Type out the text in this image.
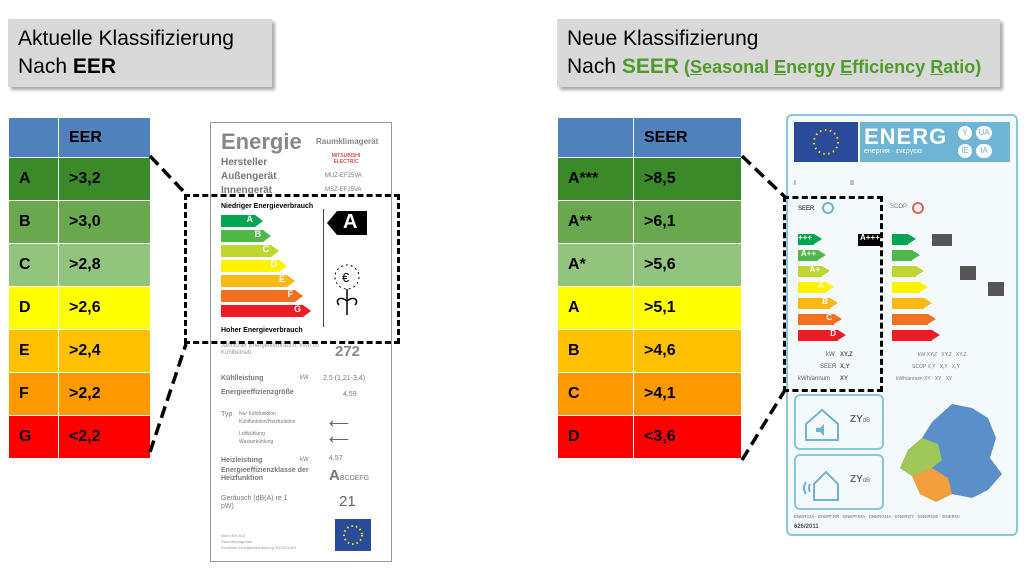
Aktuelle Klassifizierung
Nach EER
Neue Klassifizierung
Nach SEER (Seasonal Energy Efficiency Ratio)
	EER
A	>3,2
B	>3,0
C	>2,8
D	>2,6
E	>2,4
F	>2,2
G	<2,2
	SEER
A***	>8,5
A**	>6,1
A*	>5,6
A	>5,1
B	>4,6
C	>4,1
D	<3,6
Energie Raumklimagerät
Hersteller
MITSUBISHI ELECTRIC
Außengerät	MUZ-EF25VA
Innengerät	MSZ-EF25VA
Niedriger Energieverbrauch
A
B
C
D
E
F
G
A
€
Hoher Energieverbrauch
Jährlicher Energieverbrauch, kWh im Kühlbetrieb	272
Kühlleistung	kW 2,5 (1,21-3,4)
Energieeffizienzgröße	4,59
Typ Nur Kühlfunktion
Kühlfunktion/Heizfunktion
Luftkühlung
Wasserkühlung
⟵
⟵
Heizleistung	kW	4,57
Energieeffizienzklasse der Heizfunktion	ABCDEFG
Geräusch (dB(A) re 1 pW)	21
Norm EN 814
Raumklimageräte
Richtlinie Energieetikettierung 2002/31/EG
ENERG	Y	UA
IE	IA
енергия · ενεργεια
I	II
SEER	SCOP
A+++
A++
A+
A
B
C
D
A+++
kW XY,Z
SEER X,Y
kWh/annum XY
kW XY,Z XY,Z XY,Z
SCOP X,Y X,Y X,Y
kWh/annum XY XY XY
ZYdB
ZYdB
ENERGIA · ЕНЕРГИЯ · ΕΝΕΡΓΕΙΑ · ENERGIJA · ENERGY · ENERGIE · ENERGI
626/2011
